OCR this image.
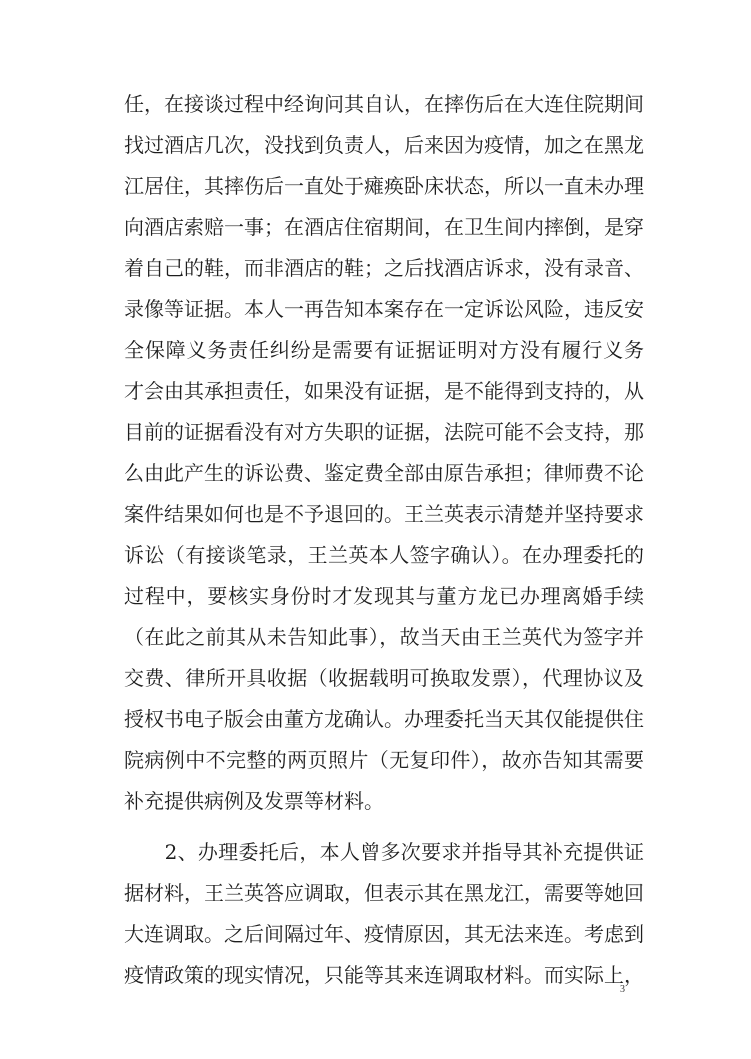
任，在接谈过程中经询问其自认，在摔伤后在大连住院期间
找过酒店几次，没找到负责人，后来因为疫情，加之在黑龙
江居住，其摔伤后一直处于瘫痪卧床状态，所以一直未办理
向酒店索赔一事；在酒店住宿期间，在卫生间内摔倒，是穿
着自己的鞋，而非酒店的鞋；之后找酒店诉求，没有录音、
录像等证据。本人一再告知本案存在一定诉讼风险，违反安
全保障义务责任纠纷是需要有证据证明对方没有履行义务
才会由其承担责任，如果没有证据，是不能得到支持的，从
目前的证据看没有对方失职的证据，法院可能不会支持，那
么由此产生的诉讼费、鉴定费全部由原告承担；律师费不论
案件结果如何也是不予退回的。王兰英表示清楚并坚持要求
诉讼（有接谈笔录，王兰英本人签字确认）。在办理委托的
过程中，要核实身份时才发现其与董方龙已办理离婚手续
（在此之前其从未告知此事），故当天由王兰英代为签字并
交费、律所开具收据（收据载明可换取发票），代理协议及
授权书电子版会由董方龙确认。办理委托当天其仅能提供住
院病例中不完整的两页照片（无复印件），故亦告知其需要
补充提供病例及发票等材料。
　　2、办理委托后，本人曾多次要求并指导其补充提供证
据材料，王兰英答应调取，但表示其在黑龙江，需要等她回
大连调取。之后间隔过年、疫情原因，其无法来连。考虑到
疫情政策的现实情况，只能等其来连调取材料。而实际上，
3
